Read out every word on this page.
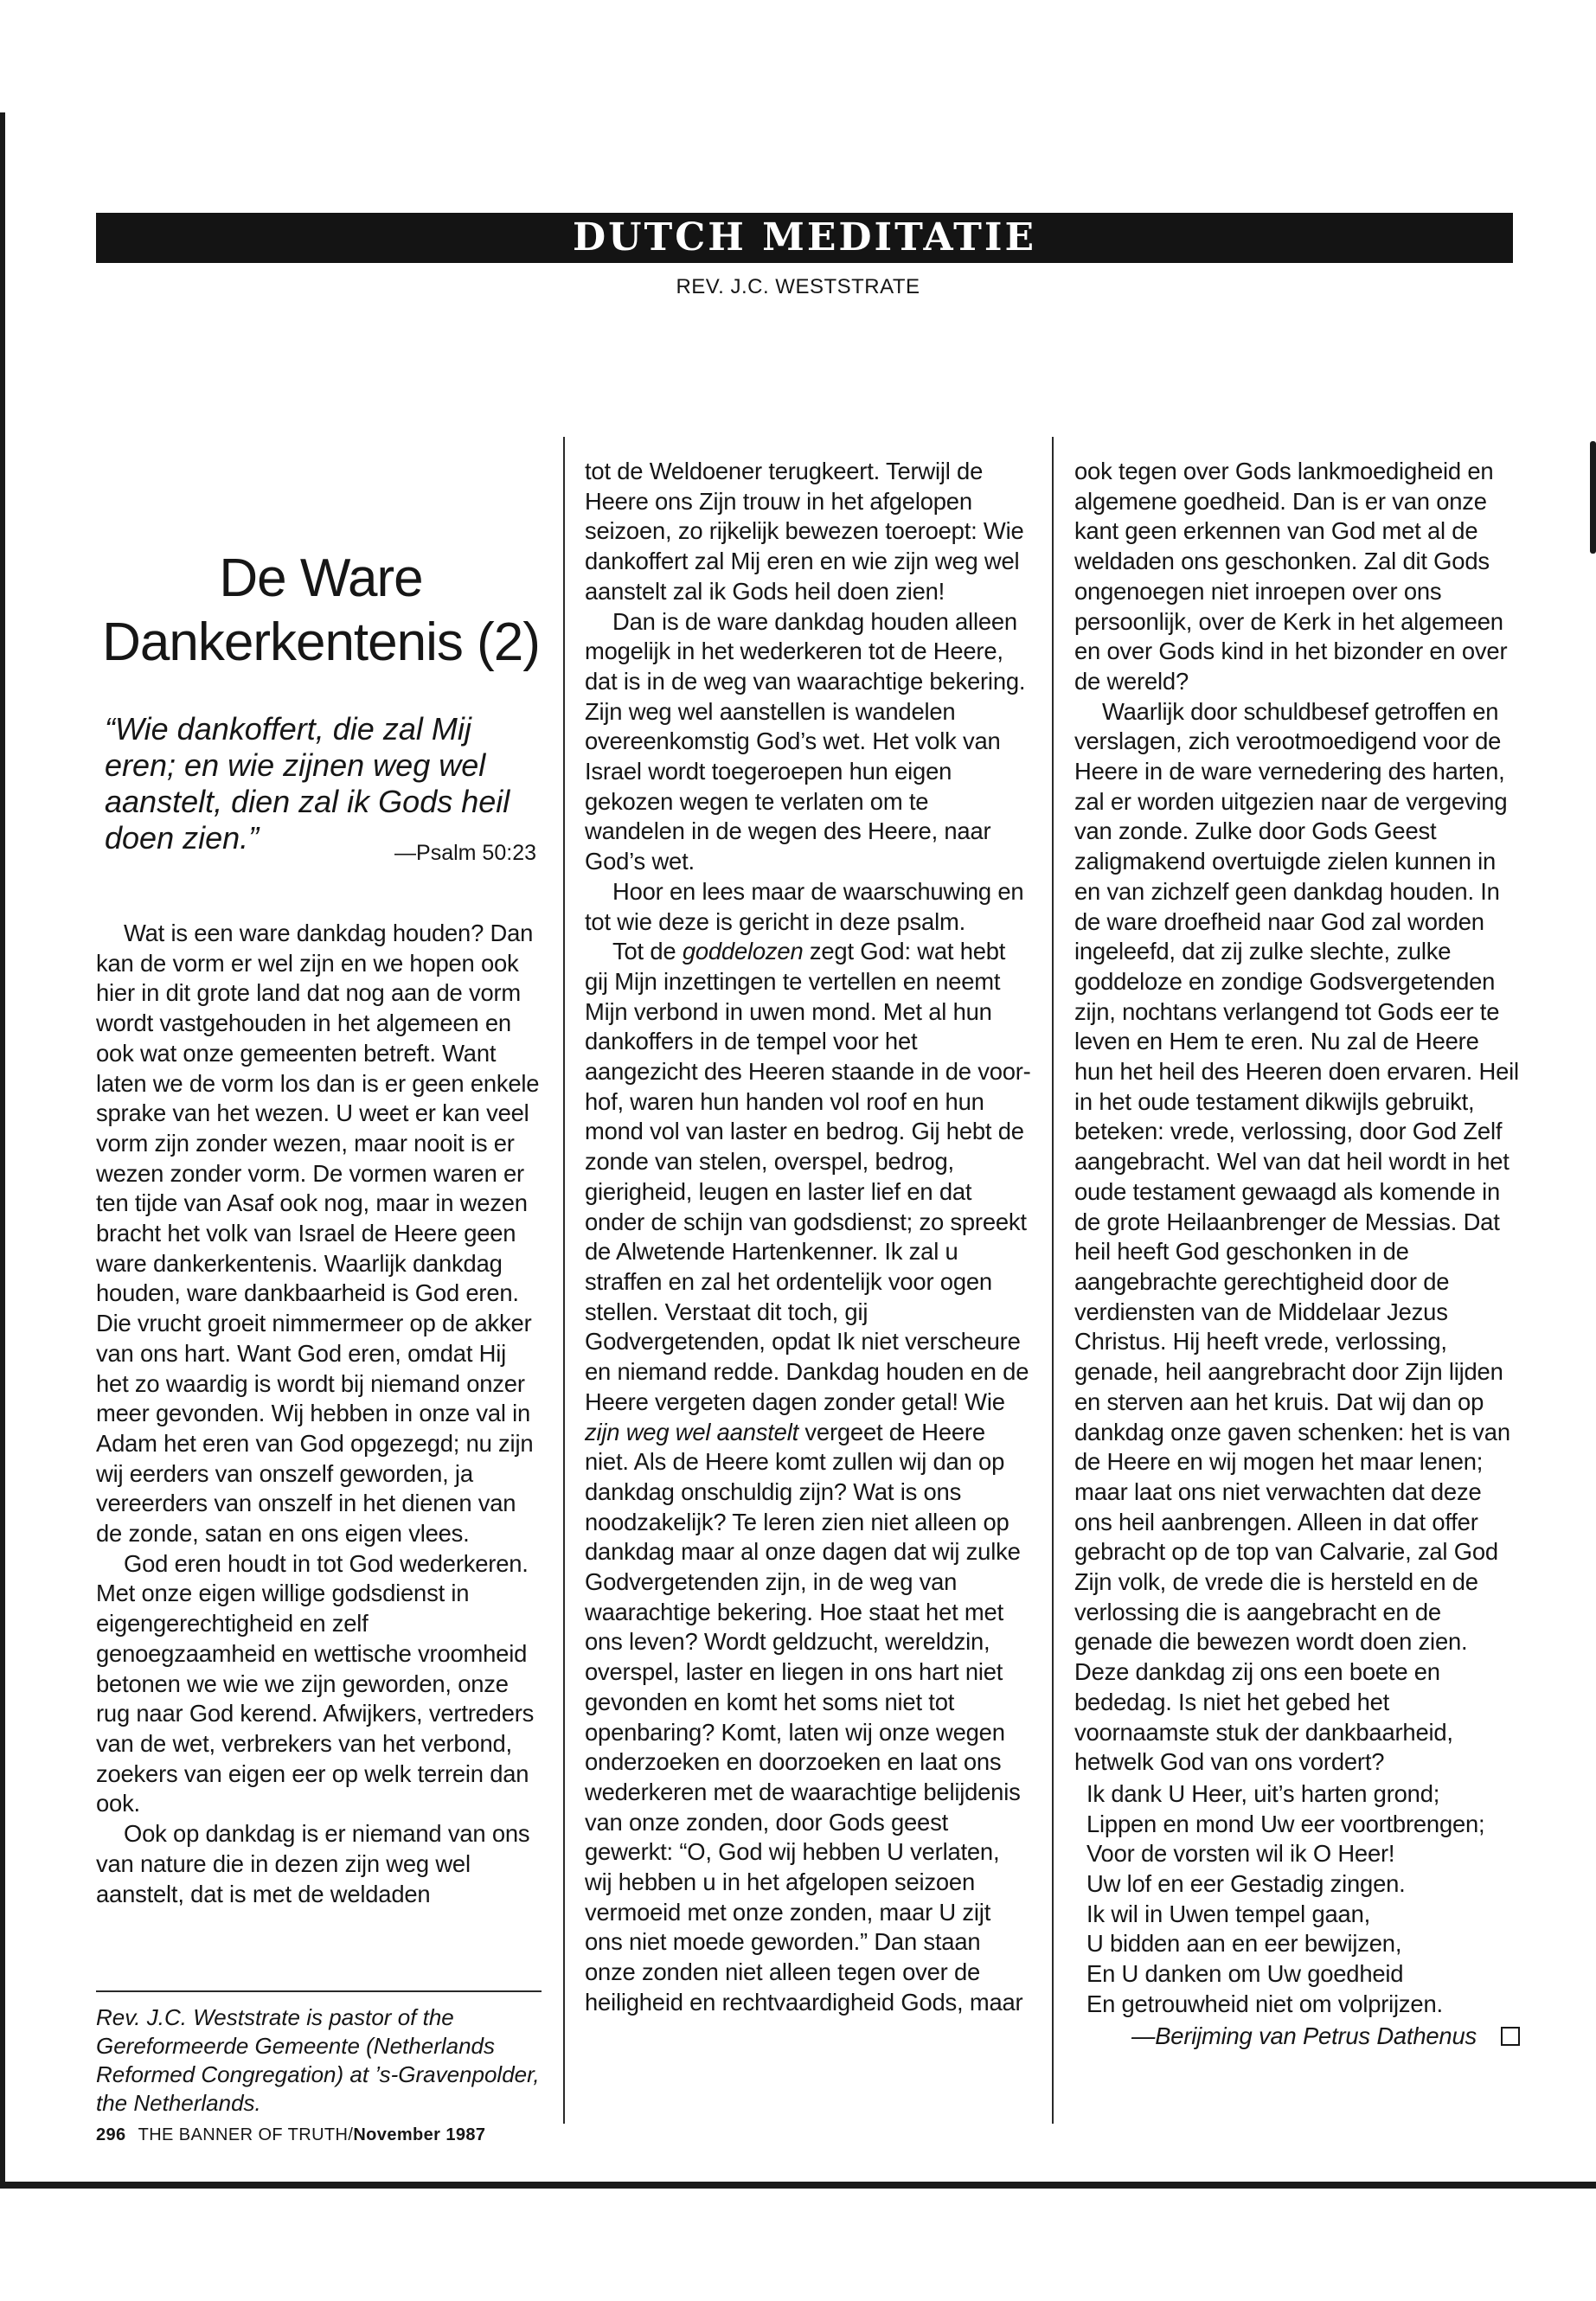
DUTCH MEDITATIE
REV. J.C. WESTSTRATE
De Ware
Dankerkentenis (2)
“Wie dankoffert, die zal Mij eren; en wie zijnen weg wel aanstelt, dien zal ik Gods heil doen zien.”	—Psalm 50:23

Wat is een ware dankdag houden? Dan kan de vorm er wel zijn en we hopen ook hier in dit grote land dat nog aan de vorm wordt vastgehouden in het algemeen en ook wat onze gemeenten betreft. Want laten we de vorm los dan is er geen enkele sprake van het wezen. U weet er kan veel vorm zijn zonder wezen, maar nooit is er wezen zonder vorm. De vormen waren er ten tijde van Asaf ook nog, maar in wezen bracht het volk van Israel de Heere geen ware dankerkentenis. Waarlijk dankdag houden, ware dankbaarheid is God eren. Die vrucht groeit nimmermeer op de akker van ons hart. Want God eren, omdat Hij het zo waardig is wordt bij niemand onzer meer gevonden. Wij hebben in onze val in Adam het eren van God opgezegd; nu zijn wij eerders van onszelf geworden, ja vereerders van onszelf in het dienen van de zonde, satan en ons eigen vlees.

God eren houdt in tot God wederkeren. Met onze eigen willige godsdienst in eigengerechtigheid en zelf genoegzaamheid en wettische vroomheid betonen we wie we zijn geworden, onze rug naar God kerend. Afwijkers, vertreders van de wet, verbrekers van het verbond, zoekers van eigen eer op welk terrein dan ook.

Ook op dankdag is er niemand van ons van nature die in dezen zijn weg wel aanstelt, dat is met de weldaden

tot de Weldoener terugkeert. Terwijl de Heere ons Zijn trouw in het afgelopen seizoen, zo rijkelijk bewezen toeroept: Wie dankoffert zal Mij eren en wie zijn weg wel aanstelt zal ik Gods heil doen zien!

Dan is de ware dankdag houden alleen mogelijk in het wederkeren tot de Heere, dat is in de weg van waarachtige bekering. Zijn weg wel aanstellen is wandelen overeenkomstig God’s wet. Het volk van Israel wordt toegeroepen hun eigen gekozen wegen te verlaten om te wandelen in de wegen des Heere, naar God’s wet.

Hoor en lees maar de waarschuwing en tot wie deze is gericht in deze psalm.

Tot de goddelozen zegt God: wat hebt gij Mijn inzettingen te vertellen en neemt Mijn verbond in uwen mond. Met al hun dankoffers in de tempel voor het aangezicht des Heeren staande in de voor-hof, waren hun handen vol roof en hun mond vol van laster en bedrog. Gij hebt de zonde van stelen, overspel, bedrog, gierigheid, leugen en laster lief en dat onder de schijn van godsdienst; zo spreekt de Alwetende Hartenkenner. Ik zal u straffen en zal het ordentelijk voor ogen stellen. Verstaat dit toch, gij Godvergetenden, opdat Ik niet verscheure en niemand redde. Dankdag houden en de Heere vergeten dagen zonder getal! Wie zijn weg wel aanstelt vergeet de Heere niet. Als de Heere komt zullen wij dan op dankdag onschuldig zijn? Wat is ons noodzakelijk? Te leren zien niet alleen op dankdag maar al onze dagen dat wij zulke Godvergetenden zijn, in de weg van waarachtige bekering. Hoe staat het met ons leven? Wordt geldzucht, wereldzin, overspel, laster en liegen in ons hart niet gevonden en komt het soms niet tot openbaring? Komt, laten wij onze wegen onderzoeken en doorzoeken en laat ons wederkeren met de waarachtige belijdenis van onze zonden, door Gods geest gewerkt: “O, God wij hebben U verlaten, wij hebben u in het afgelopen seizoen vermoeid met onze zonden, maar U zijt ons niet moede geworden.” Dan staan onze zonden niet alleen tegen over de heiligheid en rechtvaardigheid Gods, maar

ook tegen over Gods lankmoedigheid en algemene goedheid. Dan is er van onze kant geen erkennen van God met al de weldaden ons geschonken. Zal dit Gods ongenoegen niet inroepen over ons persoonlijk, over de Kerk in het algemeen en over Gods kind in het bizonder en over de wereld?

Waarlijk door schuldbesef getroffen en verslagen, zich verootmoedigend voor de Heere in de ware vernedering des harten, zal er worden uitgezien naar de vergeving van zonde. Zulke door Gods Geest zaligmakend overtuigde zielen kunnen in en van zichzelf geen dankdag houden. In de ware droefheid naar God zal worden ingeleefd, dat zij zulke slechte, zulke goddeloze en zondige Godsvergetenden zijn, nochtans verlangend tot Gods eer te leven en Hem te eren. Nu zal de Heere hun het heil des Heeren doen ervaren. Heil in het oude testament dikwijls gebruikt, beteken: vrede, verlossing, door God Zelf aangebracht. Wel van dat heil wordt in het oude testament gewaagd als komende in de grote Heilaanbrenger de Messias. Dat heil heeft God geschonken in de aangebrachte gerechtigheid door de verdiensten van de Middelaar Jezus Christus. Hij heeft vrede, verlossing, genade, heil aangrebracht door Zijn lijden en sterven aan het kruis. Dat wij dan op dankdag onze gaven schenken: het is van de Heere en wij mogen het maar lenen; maar laat ons niet verwachten dat deze ons heil aanbrengen. Alleen in dat offer gebracht op de top van Calvarie, zal God Zijn volk, de vrede die is hersteld en de verlossing die is aangebracht en de genade die bewezen wordt doen zien. Deze dankdag zij ons een boete en bededag. Is niet het gebed het voornaamste stuk der dankbaarheid, hetwelk God van ons vordert?

Ik dank U Heer, uit’s harten grond;
Lippen en mond Uw eer voortbrengen;
Voor de vorsten wil ik O Heer!
Uw lof en eer Gestadig zingen.
Ik wil in Uwen tempel gaan,
U bidden aan en eer bewijzen,
En U danken om Uw goedheid
En getrouwheid niet om volprijzen.
—Berijming van Petrus Dathenus
Rev. J.C. Weststrate is pastor of the Gereformeerde Gemeente (Netherlands Reformed Congregation) at ’s-Gravenpolder, the Netherlands.
296 THE BANNER OF TRUTH/November 1987
